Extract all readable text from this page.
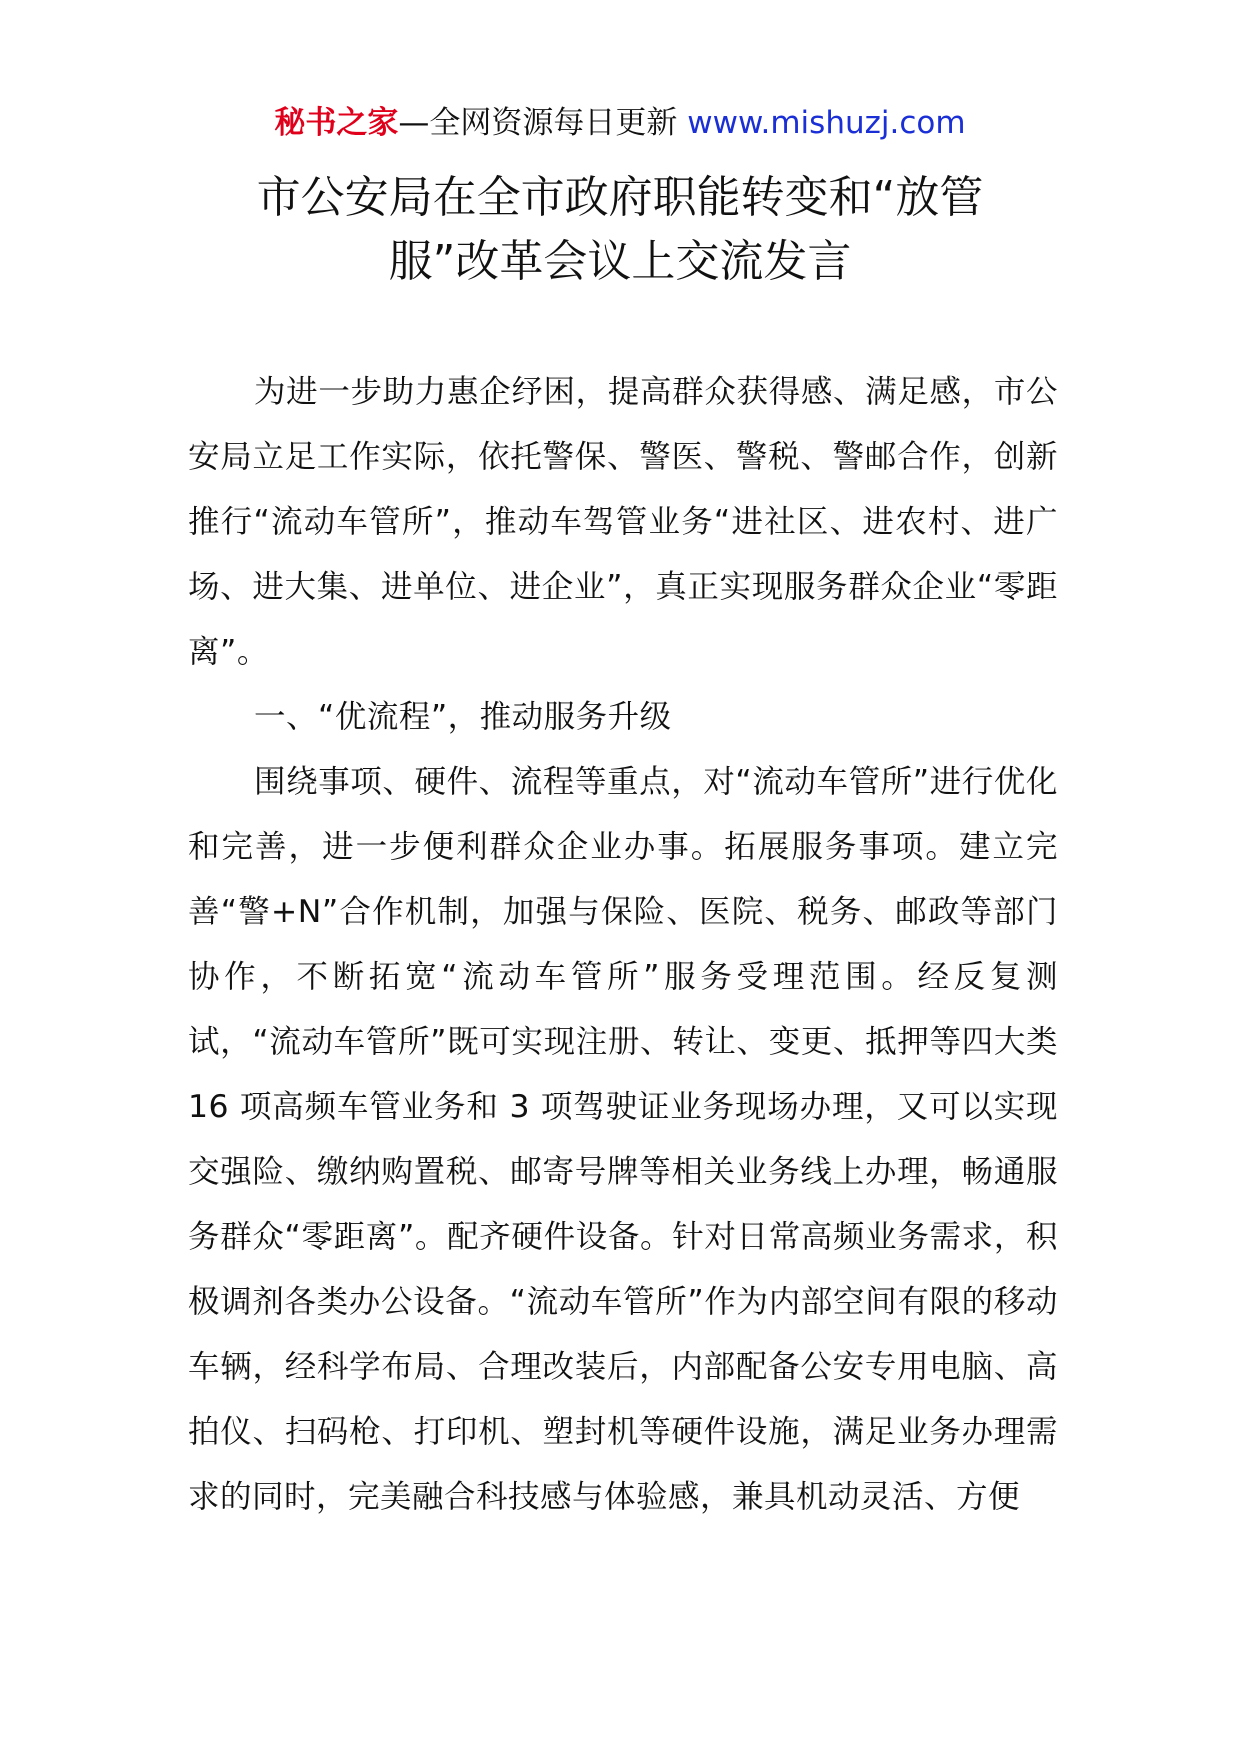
秘书之家—全网资源每日更新 www.mishuzj.com
市公安局在全市政府职能转变和“放管
服”改革会议上交流发言

为进一步助力惠企纾困，提高群众获得感、满足感，市公安局立足工作实际，依托警保、警医、警税、警邮合作，创新推行“流动车管所”，推动车驾管业务“进社区、进农村、进广场、进大集、进单位、进企业”，真正实现服务群众企业“零距离”。

一、“优流程”，推动服务升级

围绕事项、硬件、流程等重点，对“流动车管所”进行优化和完善，进一步便利群众企业办事。拓展服务事项。建立完善“警+N”合作机制，加强与保险、医院、税务、邮政等部门协作，不断拓宽“流动车管所”服务受理范围。经反复测试，“流动车管所”既可实现注册、转让、变更、抵押等四大类 16 项高频车管业务和 3 项驾驶证业务现场办理，又可以实现交强险、缴纳购置税、邮寄号牌等相关业务线上办理，畅通服务群众“零距离”。配齐硬件设备。针对日常高频业务需求，积极调剂各类办公设备。“流动车管所”作为内部空间有限的移动车辆，经科学布局、合理改装后，内部配备公安专用电脑、高拍仪、扫码枪、打印机、塑封机等硬件设施，满足业务办理需求的同时，完美融合科技感与体验感，兼具机动灵活、方便
